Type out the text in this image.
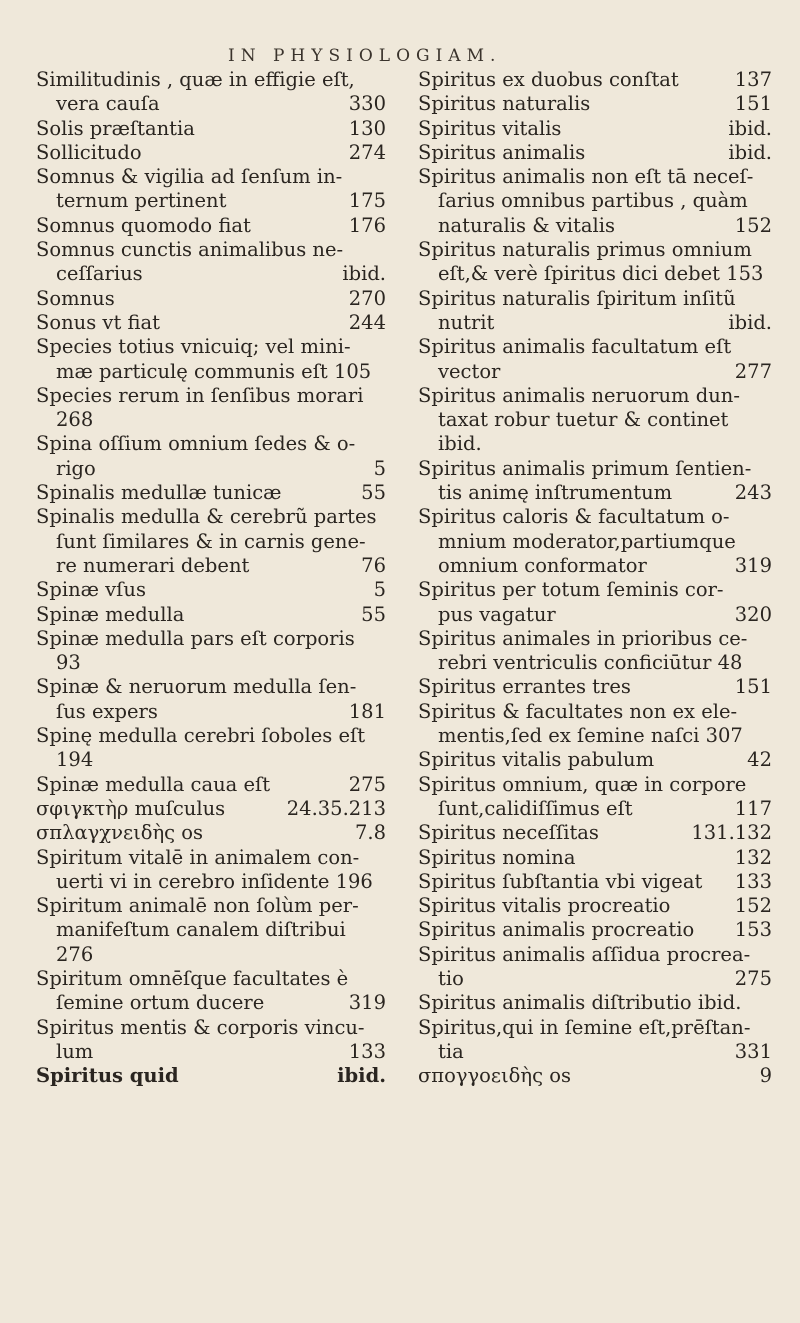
IN PHYSIOLOGIAM.
Similitudinis , quæ in effigie eſt,
vera cauſa	330
Solis præſtantia	130
Sollicitudo	274
Somnus & vigilia ad ſenſum in-
ternum pertinent	175
Somnus quomodo fiat	176
Somnus cunctis animalibus ne-
ceſſarius	ibid.
Somnus	270
Sonus vt fiat	244
Species totius vnicuiq; vel mini-
mæ particulę communis eſt 105
Species rerum in ſenſibus morari
268
Spina oſſium omnium ſedes & o-
rigo	5
Spinalis medullæ tunicæ	55
Spinalis medulla & cerebrũ partes
ſunt ſimilares & in carnis gene-
re numerari debent	76
Spinæ vſus	5
Spinæ medulla	55
Spinæ medulla pars eſt corporis
93
Spinæ & neruorum medulla ſen-
ſus expers	181
Spinę medulla cerebri ſoboles eſt
194
Spinæ medulla caua eſt	275
σφιγκτὴρ muſculus	24.35.213
σπλαγχνειδὴς os	7.8
Spiritum vitalē in animalem con-
uerti vi in cerebro inſidente 196
Spiritum animalē non ſolùm per-
manifeſtum canalem diſtribui
276
Spiritum omnēſque facultates è
ſemine ortum ducere	319
Spiritus mentis & corporis vincu-
lum	133
Spiritus quid	ibid.
Spiritus ex duobus conſtat	137
Spiritus naturalis	151
Spiritus vitalis	ibid.
Spiritus animalis	ibid.
Spiritus animalis non eſt tā neceſ-
ſarius omnibus partibus , quàm
naturalis & vitalis	152
Spiritus naturalis primus omnium
eſt,& verè ſpiritus dici debet 153
Spiritus naturalis ſpiritum inſitũ
nutrit	ibid.
Spiritus animalis facultatum eſt
vector	277
Spiritus animalis neruorum dun-
taxat robur tuetur & continet
ibid.
Spiritus animalis primum ſentien-
tis animę inſtrumentum	243
Spiritus caloris & facultatum o-
mnium moderator,partiumque
omnium conformator	319
Spiritus per totum ſeminis cor-
pus vagatur	320
Spiritus animales in prioribus ce-
rebri ventriculis conficiūtur 48
Spiritus errantes tres	151
Spiritus & facultates non ex ele-
mentis,ſed ex ſemine naſci 307
Spiritus vitalis pabulum	42
Spiritus omnium, quæ in corpore
ſunt,calidiſſimus eſt	117
Spiritus neceſſitas	131.132
Spiritus nomina	132
Spiritus ſubſtantia vbi vigeat 133
Spiritus vitalis procreatio	152
Spiritus animalis procreatio 153
Spiritus animalis aſſidua procrea-
tio	275
Spiritus animalis diſtributio ibid.
Spiritus,qui in ſemine eſt,prēſtan-
tia	331
σπογγοειδὴς os	9
